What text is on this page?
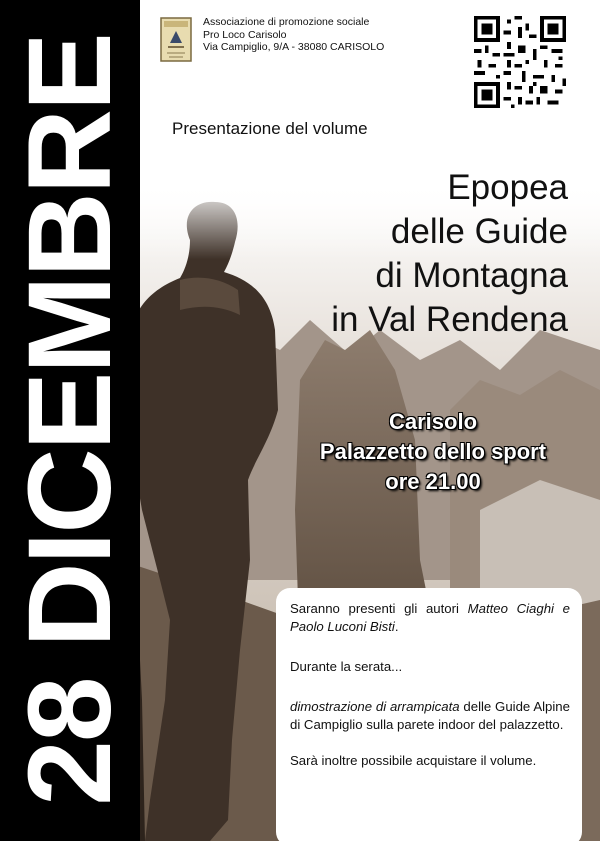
28 DICEMBRE
Associazione di promozione sociale
Pro Loco Carisolo
Via Campiglio, 9/A - 38080 CARISOLO
Presentazione del volume
Epopea
delle Guide
di Montagna
in Val Rendena
Carisolo
Palazzetto dello sport
ore 21.00

Saranno presenti gli autori Matteo Ciaghi e Paolo Luconi Bisti.

Durante la serata...

dimostrazione di arrampicata delle Guide Alpine di Campiglio sulla parete indoor del palazzetto.

Sarà inoltre possibile acquistare il volume.
